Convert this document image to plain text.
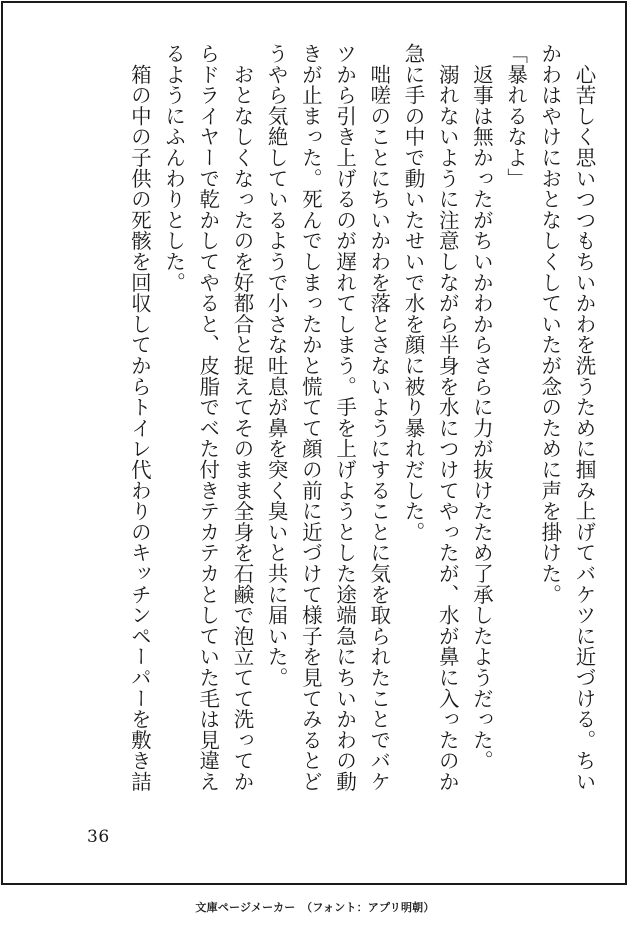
　心苦しく思いつつもちいかわを洗うために掴み上げてバケツに近づける。ちい
かわはやけにおとなしくしていたが念のために声を掛けた。
「暴れるなよ」
　返事は無かったがちいかわからさらに力が抜けたため了承したようだった。
　溺れないように注意しながら半身を水につけてやったが、水が鼻に入ったのか
急に手の中で動いたせいで水を顔に被り暴れだした。
　咄嗟のことにちいかわを落とさないようにすることに気を取られたことでバケ
ツから引き上げるのが遅れてしまう。手を上げようとした途端急にちいかわの動
きが止まった。死んでしまったかと慌てて顔の前に近づけて様子を見てみるとど
うやら気絶しているようで小さな吐息が鼻を突く臭いと共に届いた。
　おとなしくなったのを好都合と捉えてそのまま全身を石鹸で泡立てて洗ってか
らドライヤーで乾かしてやると、皮脂でベた付きテカテカとしていた毛は見違え
るようにふんわりとした。
　箱の中の子供の死骸を回収してからトイレ代わりのキッチンペーパーを敷き詰
36
文庫ページメーカー　（フォント：アプリ明朝）
